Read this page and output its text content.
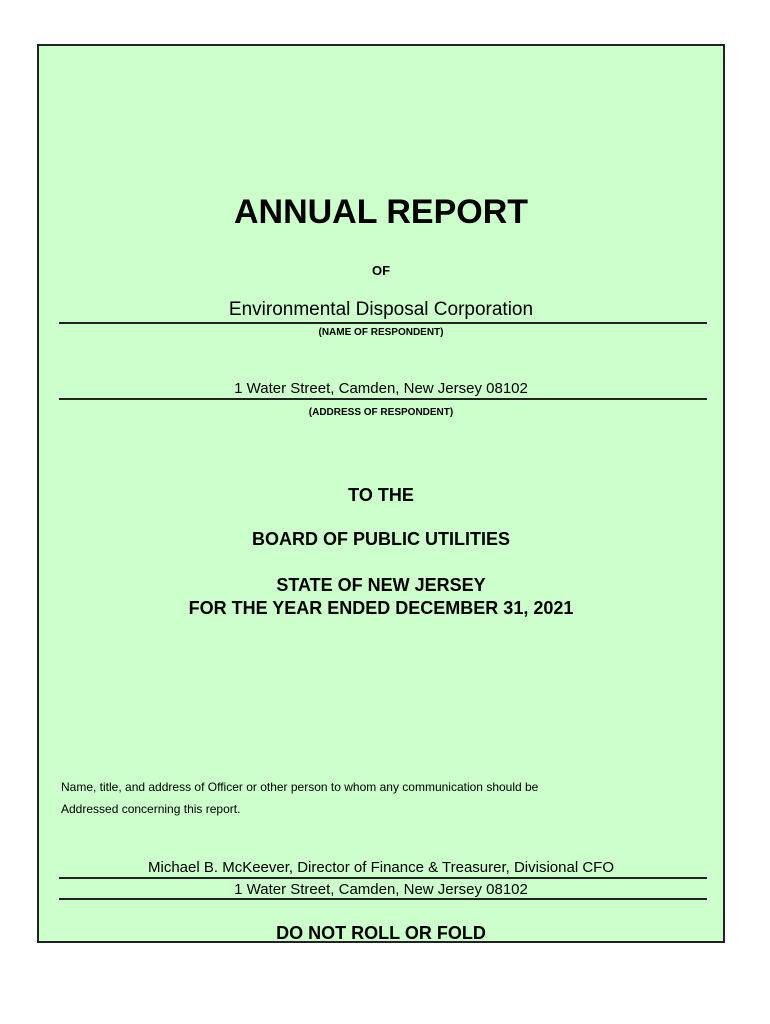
ANNUAL REPORT
OF
Environmental Disposal Corporation
(NAME OF RESPONDENT)
1 Water Street, Camden, New Jersey 08102
(ADDRESS OF RESPONDENT)
TO THE
BOARD OF PUBLIC UTILITIES
STATE OF NEW JERSEY
FOR THE YEAR ENDED DECEMBER 31, 2021
Name, title, and address of Officer or other person to whom any communication should be
Addressed concerning this report.
Michael B. McKeever, Director of Finance & Treasurer, Divisional CFO
1 Water Street, Camden, New Jersey 08102
DO NOT ROLL OR FOLD
